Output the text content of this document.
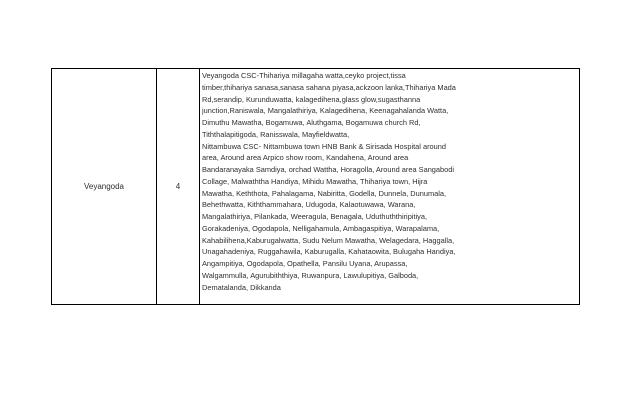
Veyangoda	4	
Veyangoda CSC-Thihariya millagaha watta,ceyko project,tissa
timber,thihariya sanasa,sanasa sahana piyasa,ackzoon lanka,Thihariya Mada
Rd,serandip, Kurunduwatta, kalagedihena,glass glow,sugasthanna
junction,Raniswala, Mangalathiriya, Kalagedihena, Keenagahalanda Watta,
Dimuthu Mawatha, Bogamuwa, Aluthgama, Bogamuwa church Rd,
Tiththalapitigoda, Ranisswala, Mayfieldwatta,
Nittambuwa CSC- Nittambuwa town HNB Bank & Sirisada Hospital around
area, Around area Arpico show room, Kandahena, Around area
Bandaranayaka Samdiya, orchad Wattha, Horagolla, Around area Sangabodi
Collage, Malwaththa Handiya, Mihidu Mawatha, Thihariya town, Hijra
Mawatha, Keththota, Pahalagama, Nabiritta, Godella, Dunnela, Dunumala,
Behethwatta, Kiththammahara, Udugoda, Kalaotuwawa, Warana,
Mangalathiriya, Pilankada, Weeragula, Benagala, Uduthuththiripitiya,
Gorakadeniya, Ogodapola, Nelligahamula, Ambagaspitiya, Warapalama,
Kahabilihena,Kaburugalwatta, Sudu Nelum Mawatha, Welagedara, Haggalla,
Unagahadeniya, Ruggahawila, Kaburugalla, Kahataowita, Bulugaha Handiya,
Angampitiya, Ogodapola, Opathella, Pansilu Uyana, Arupassa,
Walgammulla, Agurubiththiya, Ruwanpura, Lawulupitiya, Galboda,
Dematalanda, Dikkanda
